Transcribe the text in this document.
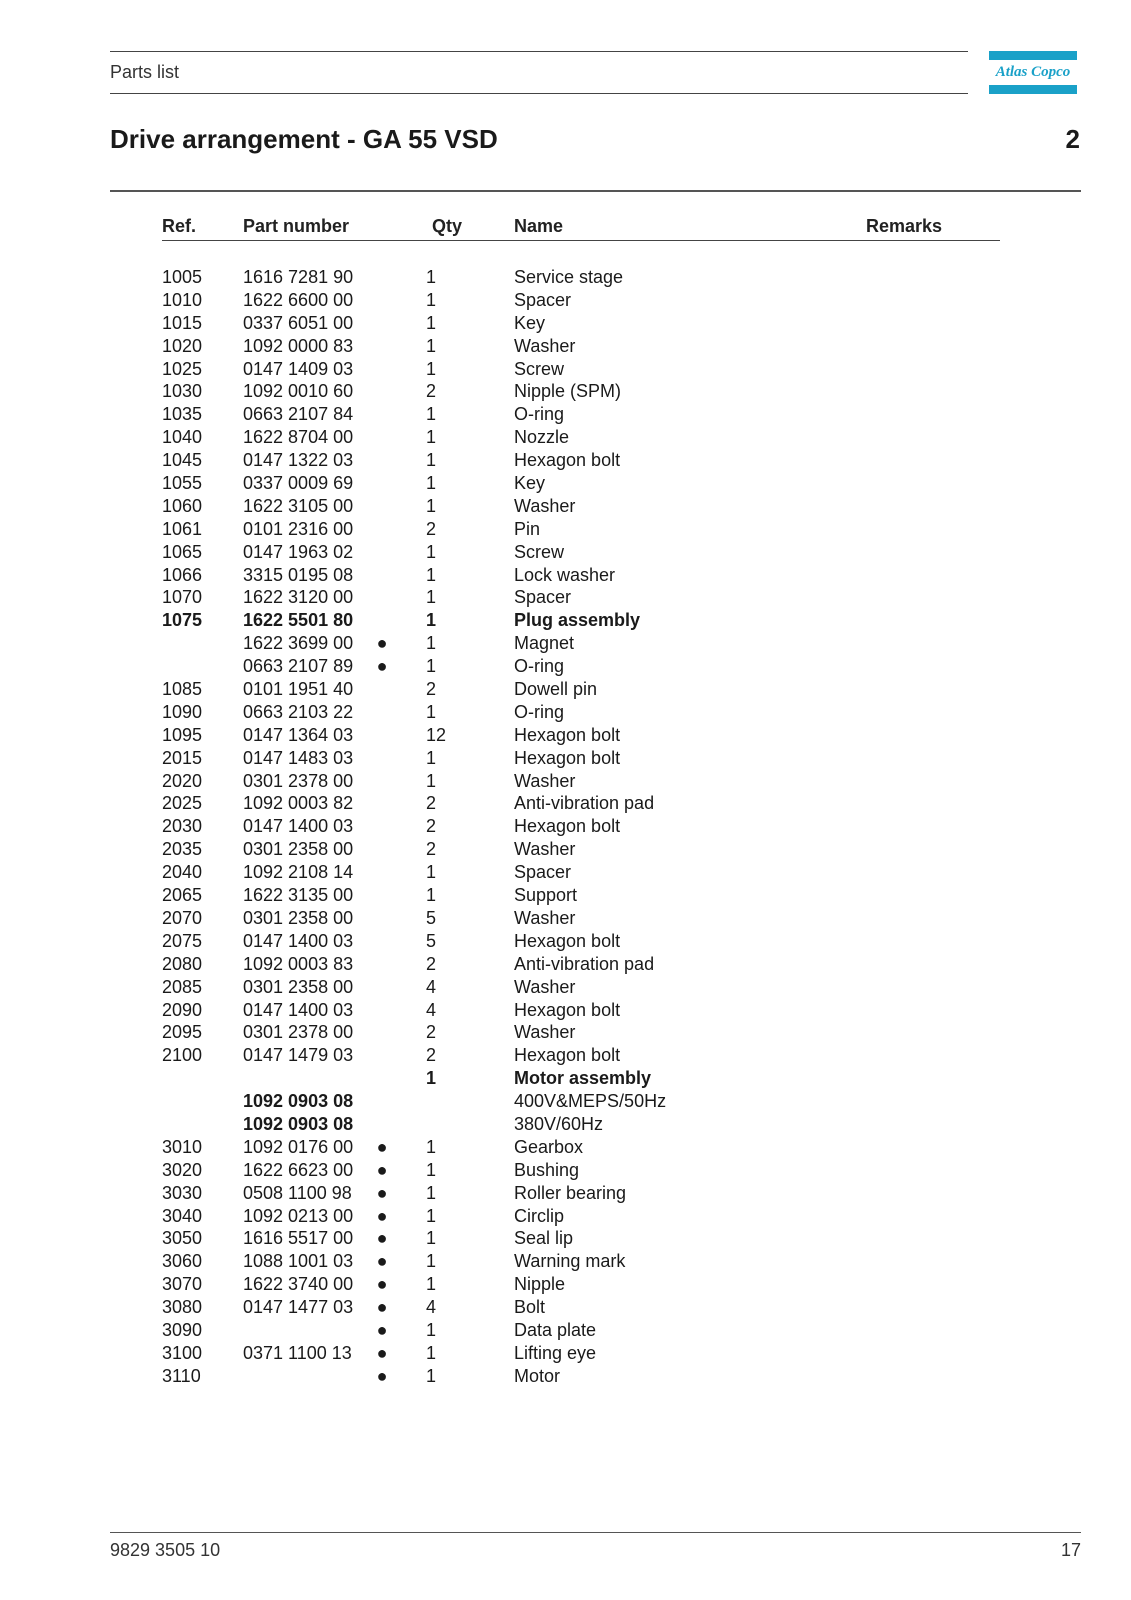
Parts list	Atlas Copco
Drive arrangement - GA 55 VSD	2
Ref.	Part number	Qty	Name	Remarks
1005 1616 7281 90	1	Service stage
1010 1622 6600 00	1	Spacer
1015 0337 6051 00	1	Key
1020 1092 0000 83	1	Washer
1025 0147 1409 03	1	Screw
1030 1092 0010 60	2	Nipple (SPM)
1035 0663 2107 84	1	O-ring
1040 1622 8704 00	1	Nozzle
1045 0147 1322 03	1	Hexagon bolt
1055 0337 0009 69	1	Key
1060 1622 3105 00	1	Washer
1061 0101 2316 00	2	Pin
1065 0147 1963 02	1	Screw
1066 3315 0195 08	1	Lock washer
1070 1622 3120 00	1	Spacer
1075 1622 5501 80	1	Plug assembly
1622 3699 00 ● 1	Magnet
0663 2107 89 ● 1	O-ring
1085 0101 1951 40	2	Dowell pin
1090 0663 2103 22	1	O-ring
1095 0147 1364 03	12	Hexagon bolt
2015 0147 1483 03	1	Hexagon bolt
2020 0301 2378 00	1	Washer
2025 1092 0003 82	2	Anti-vibration pad
2030 0147 1400 03	2	Hexagon bolt
2035 0301 2358 00	2	Washer
2040 1092 2108 14	1	Spacer
2065 1622 3135 00	1	Support
2070 0301 2358 00	5	Washer
2075 0147 1400 03	5	Hexagon bolt
2080 1092 0003 83	2	Anti-vibration pad
2085 0301 2358 00	4	Washer
2090 0147 1400 03	4	Hexagon bolt
2095 0301 2378 00	2	Washer
2100 0147 1479 03	2	Hexagon bolt
1	Motor assembly
1092 0903 08	400V&MEPS/50Hz
1092 0903 08	380V/60Hz
3010 1092 0176 00 ● 1	Gearbox
3020 1622 6623 00 ● 1	Bushing
3030 0508 1100 98 ● 1	Roller bearing
3040 1092 0213 00 ● 1	Circlip
3050 1616 5517 00 ● 1	Seal lip
3060 1088 1001 03 ● 1	Warning mark
3070 1622 3740 00 ● 1	Nipple
3080 0147 1477 03 ● 4	Bolt
3090	● 1	Data plate
3100 0371 1100 13 ● 1	Lifting eye
3110	● 1	Motor
9829 3505 10	17
